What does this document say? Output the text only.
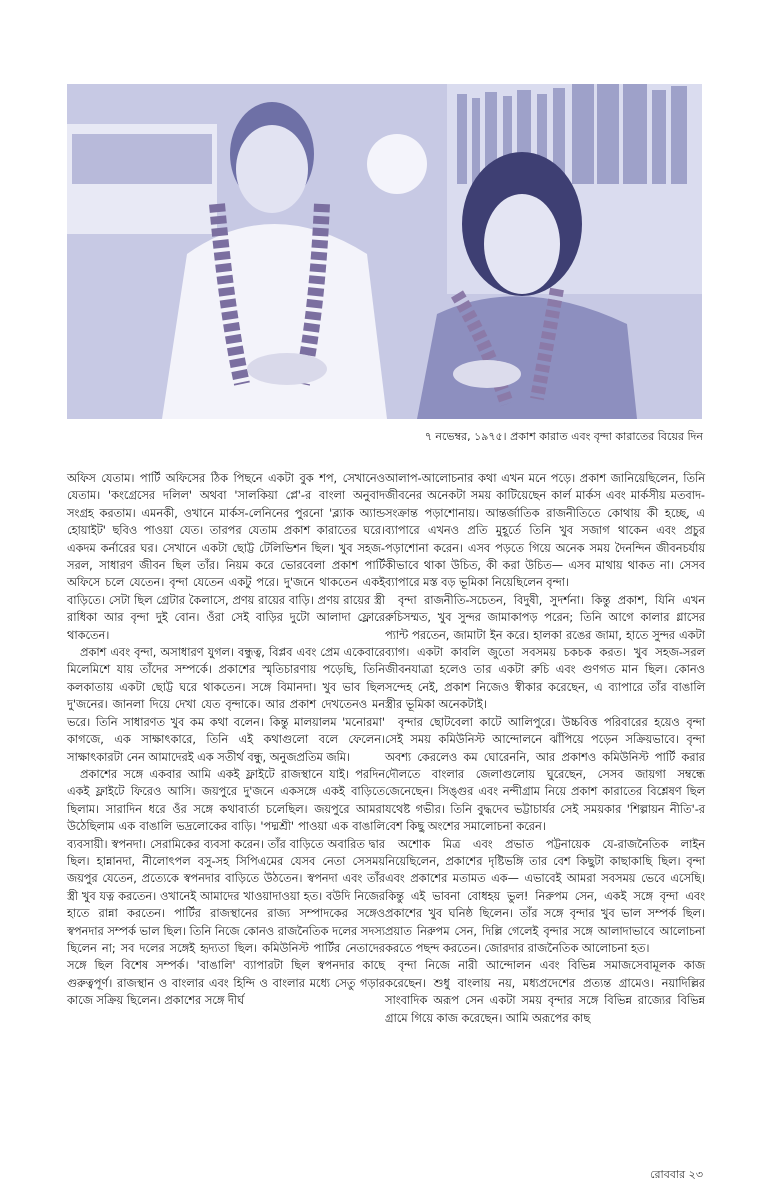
৭ নভেম্বর, ১৯৭৫। প্রকাশ কারাত এবং বৃন্দা কারাতের বিয়ের দিন

অফিস যেতাম। পার্টি অফিসের ঠিক পিছনে একটা বুক শপ, সেখানেও যেতাম। 'কংগ্রেসের দলিল' অথবা 'সালকিয়া প্লে'-র বাংলা অনুবাদ সংগ্রহ করতাম। এমনকী, ওখানে মার্কস-লেনিনের পুরনো 'ব্ল্যাক অ্যান্ড হোয়াইট' ছবিও পাওয়া যেত। তারপর যেতাম প্রকাশ কারাতের ঘরে। একদম কর্নারের ঘর। সেখানে একটা ছোট্ট টেলিভিশন ছিল। খুব সহজ-সরল, সাধারণ জীবন ছিল তাঁর। নিয়ম করে ভোরবেলা প্রকাশ পার্টি অফিসে চলে যেতেন। বৃন্দা যেতেন একটু পরে। দু'জনে থাকতেন একই বাড়িতে। সেটা ছিল গ্রেটার কৈলাসে, প্রণয় রায়ের বাড়ি। প্রণয় রায়ের স্ত্রী রাধিকা আর বৃন্দা দুই বোন। ওঁরা সেই বাড়ির দুটো আলাদা ফ্লোরে থাকতেন।

প্রকাশ এবং বৃন্দা, অসাধারণ যুগল। বন্ধুত্ব, বিপ্লব এবং প্রেম একেবারে মিলেমিশে যায় তাঁদের সম্পর্কে। প্রকাশের স্মৃতিচারণায় পড়েছি, তিনি কলকাতায় একটা ছোট্ট ঘরে থাকতেন। সঙ্গে বিমানদা। খুব ভাব ছিল দু'জনের। জানলা দিয়ে দেখা যেত বৃন্দাকে। আর প্রকাশ দেখতেনও মন ভরে। তিনি সাধারণত খুব কম কথা বলেন। কিন্তু মালয়ালম 'মনোরমা' কাগজে, এক সাক্ষাৎকারে, তিনি এই কথাগুলো বলে ফেলেন। সাক্ষাৎকারটা নেন আমাদেরই এক সতীর্থ বন্ধু, অনুজপ্রতিম জমি।

প্রকাশের সঙ্গে একবার আমি একই ফ্লাইটে রাজস্থানে যাই। পরদিন একই ফ্লাইটে ফিরেও আসি। জয়পুরে দু'জনে একসঙ্গে একই বাড়িতে ছিলাম। সারাদিন ধরে ওঁর সঙ্গে কথাবার্তা চলেছিল। জয়পুরে আমরা উঠেছিলাম এক বাঙালি ভদ্রলোকের বাড়ি। 'পদ্মশ্রী' পাওয়া এক বাঙালি ব্যবসায়ী। স্বপনদা। সেরামিকের ব্যবসা করেন। তাঁর বাড়িতে অবারিত দ্বার ছিল। হান্নানদা, নীলোৎপল বসু-সহ সিপিএমের যেসব নেতা সেসময় জয়পুর যেতেন, প্রত্যেকে স্বপনদার বাড়িতে উঠতেন। স্বপনদা এবং তাঁর স্ত্রী খুব যত্ন করতেন। ওখানেই আমাদের খাওয়াদাওয়া হত। বউদি নিজের হাতে রান্না করতেন। পার্টির রাজস্থানের রাজ্য সম্পাদকের সঙ্গেও স্বপনদার সম্পর্ক ভাল ছিল। তিনি নিজে কোনও রাজনৈতিক দলের সদস্য ছিলেন না; সব দলের সঙ্গেই হৃদ্যতা ছিল। কমিউনিস্ট পার্টির নেতাদের সঙ্গে ছিল বিশেষ সম্পর্ক। 'বাঙালি' ব্যাপারটা ছিল স্বপনদার কাছে গুরুত্বপূর্ণ। রাজস্থান ও বাংলার এবং হিন্দি ও বাংলার মধ্যে সেতু গড়ার কাজে সক্রিয় ছিলেন। প্রকাশের সঙ্গে দীর্ঘ

আলাপ-আলোচনার কথা এখন মনে পড়ে। প্রকাশ জানিয়েছিলেন, তিনি জীবনের অনেকটা সময় কাটিয়েছেন কার্ল মার্কস এবং মার্কসীয় মতবাদ-সংক্রান্ত পড়াশোনায়। আন্তর্জাতিক রাজনীতিতে কোথায় কী হচ্ছে, এ ব্যাপারে এখনও প্রতি মুহূর্তে তিনি খুব সজাগ থাকেন এবং প্রচুর পড়াশোনা করেন। এসব পড়তে গিয়ে অনেক সময় দৈনন্দিন জীবনচর্যায় কীভাবে থাকা উচিত, কী করা উচিত— এসব মাথায় থাকত না। সেসব ব্যাপারে মস্ত বড় ভূমিকা নিয়েছিলেন বৃন্দা।

বৃন্দা রাজনীতি-সচেতন, বিদুষী, সুদর্শনা। কিন্তু প্রকাশ, যিনি এখন রুচিসম্মত, খুব সুন্দর জামাকাপড় পরেন; তিনি আগে কালার গ্লাসের প্যান্ট পরতেন, জামাটা ইন করে। হালকা রঙের জামা, হাতে সুন্দর একটা ব্যাগ। একটা কাবলি জুতো সবসময় চকচক করত। খুব সহজ-সরল জীবনযাত্রা হলেও তার একটা রুচি এবং গুণগত মান ছিল। কোনও সন্দেহ নেই, প্রকাশ নিজেও স্বীকার করেছেন, এ ব্যাপারে তাঁর বাঙালি স্ত্রীর ভূমিকা অনেকটাই।

বৃন্দার ছোটবেলা কাটে আলিপুরে। উচ্চবিত্ত পরিবারের হয়েও বৃন্দা সেই সময় কমিউনিস্ট আন্দোলনে ঝাঁপিয়ে পড়েন সক্রিয়ভাবে। বৃন্দা অবশ্য কেরলেও কম ঘোরেননি, আর প্রকাশও কমিউনিস্ট পার্টি করার দৌলতে বাংলার জেলাগুলোয় ঘুরেছেন, সেসব জায়গা সম্বন্ধে জেনেছেন। সিঙ্গুর এবং নন্দীগ্রাম নিয়ে প্রকাশ কারাতের বিশ্লেষণ ছিল যথেষ্ট গভীর। তিনি বুদ্ধদেব ভট্টাচার্যর সেই সময়কার 'শিল্পায়ন নীতি'-র বেশ কিছু অংশের সমালোচনা করেন।

অশোক মিত্র এবং প্রভাত পট্টনায়েক যে-রাজনৈতিক লাইন নিয়েছিলেন, প্রকাশের দৃষ্টিভঙ্গি তার বেশ কিছুটা কাছাকাছি ছিল। বৃন্দা এবং প্রকাশের মতামত এক— এভাবেই আমরা সবসময় ভেবে এসেছি। কিন্তু এই ভাবনা বোধহয় ভুল! নিরুপম সেন, একই সঙ্গে বৃন্দা এবং প্রকাশের খুব ঘনিষ্ঠ ছিলেন। তাঁর সঙ্গে বৃন্দার খুব ভাল সম্পর্ক ছিল। প্রয়াত নিরুপম সেন, দিল্লি গেলেই বৃন্দার সঙ্গে আলাদাভাবে আলোচনা করতে পছন্দ করতেন। জোরদার রাজনৈতিক আলোচনা হত।

বৃন্দা নিজে নারী আন্দোলন এবং বিভিন্ন সমাজসেবামূলক কাজ করেছেন। শুধু বাংলায় নয়, মধ্যপ্রদেশের প্রত্যন্ত গ্রামেও। নয়াদিল্লির সাংবাদিক অরূপ সেন একটা সময় বৃন্দার সঙ্গে বিভিন্ন রাজ্যের বিভিন্ন গ্রামে গিয়ে কাজ করেছেন। আমি অরূপের কাছ

রোববার ২৩
